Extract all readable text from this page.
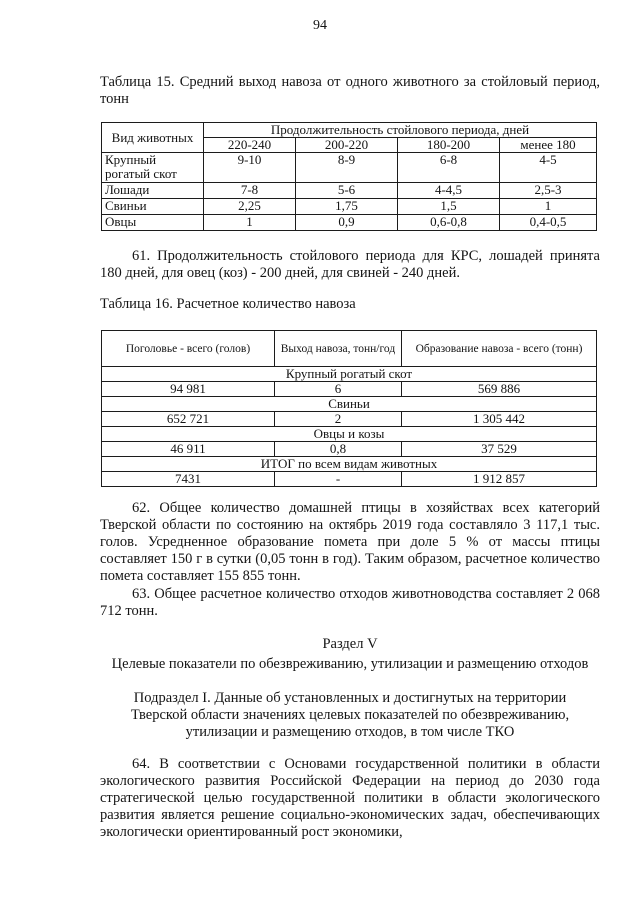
94
Таблица 15. Средний выход навоза от одного животного за стойловый период, тонн
Вид животных	Продолжительность стойлового периода, дней			
	220-240	200-220	180-200	менее 180
Крупный рогатый скот	9-10	8-9	6-8	4-5
Лошади	7-8	5-6	4-4,5	2,5-3
Свиньи	2,25	1,75	1,5	1
Овцы	1	0,9	0,6-0,8	0,4-0,5
61. Продолжительность стойлового периода для КРС, лошадей принята 180 дней, для овец (коз) - 200 дней, для свиней - 240 дней.
Таблица 16. Расчетное количество навоза
Поголовье - всего (голов)	Выход навоза, тонн/год	Образование навоза - всего (тонн)
Крупный рогатый скот		
94 981	6	569 886
Свиньи		
652 721	2	1 305 442
Овцы и козы		
46 911	0,8	37 529
ИТОГ по всем видам животных		
7431	-	1 912 857
62. Общее количество домашней птицы в хозяйствах всех категорий Тверской области по состоянию на октябрь 2019 года составляло 3 117,1 тыс. голов. Усредненное образование помета при доле 5 % от массы птицы составляет 150 г в сутки (0,05 тонн в год). Таким образом, расчетное количество помета составляет 155 855 тонн.
63. Общее расчетное количество отходов животноводства составляет 2 068 712 тонн.
Раздел V
Целевые показатели по обезвреживанию, утилизации и размещению отходов
Подраздел I. Данные об установленных и достигнутых на территории Тверской области значениях целевых показателей по обезвреживанию, утилизации и размещению отходов, в том числе ТКО
64. В соответствии с Основами государственной политики в области экологического развития Российской Федерации на период до 2030 года стратегической целью государственной политики в области экологического развития является решение социально-экономических задач, обеспечивающих экологически ориентированный рост экономики,
